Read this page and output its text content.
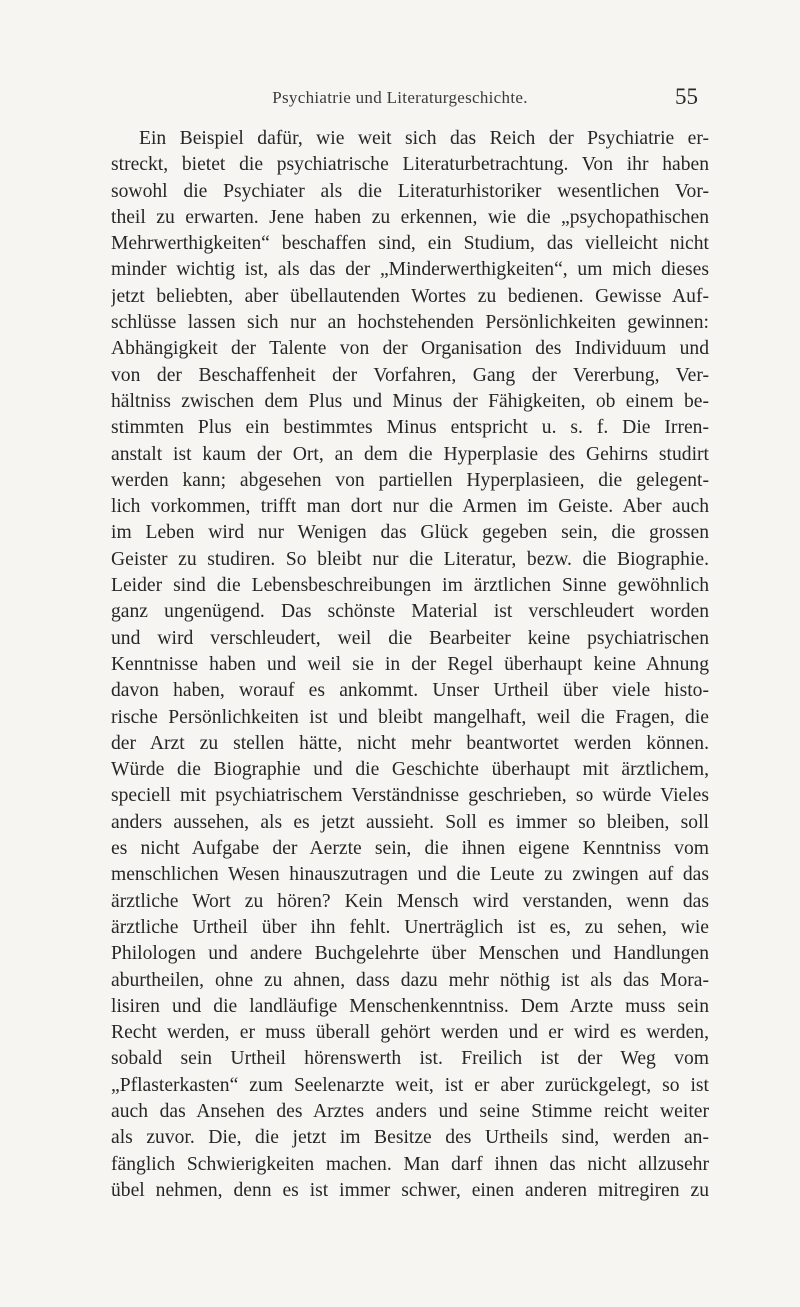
Psychiatrie und Literaturgeschichte.	55
Ein Beispiel dafür, wie weit sich das Reich der Psychiatrie er-
streckt, bietet die psychiatrische Literaturbetrachtung. Von ihr haben
sowohl die Psychiater als die Literaturhistoriker wesentlichen Vor-
theil zu erwarten. Jene haben zu erkennen, wie die „psychopathischen
Mehrwerthigkeiten“ beschaffen sind, ein Studium, das vielleicht nicht
minder wichtig ist, als das der „Minderwerthigkeiten“, um mich dieses
jetzt beliebten, aber übellautenden Wortes zu bedienen. Gewisse Auf-
schlüsse lassen sich nur an hochstehenden Persönlichkeiten gewinnen:
Abhängigkeit der Talente von der Organisation des Individuum und
von der Beschaffenheit der Vorfahren, Gang der Vererbung, Ver-
hältniss zwischen dem Plus und Minus der Fähigkeiten, ob einem be-
stimmten Plus ein bestimmtes Minus entspricht u. s. f. Die Irren-
anstalt ist kaum der Ort, an dem die Hyperplasie des Gehirns studirt
werden kann; abgesehen von partiellen Hyperplasieen, die gelegent-
lich vorkommen, trifft man dort nur die Armen im Geiste. Aber auch
im Leben wird nur Wenigen das Glück gegeben sein, die grossen
Geister zu studiren. So bleibt nur die Literatur, bezw. die Biographie.
Leider sind die Lebensbeschreibungen im ärztlichen Sinne gewöhnlich
ganz ungenügend. Das schönste Material ist verschleudert worden
und wird verschleudert, weil die Bearbeiter keine psychiatrischen
Kenntnisse haben und weil sie in der Regel überhaupt keine Ahnung
davon haben, worauf es ankommt. Unser Urtheil über viele histo-
rische Persönlichkeiten ist und bleibt mangelhaft, weil die Fragen, die
der Arzt zu stellen hätte, nicht mehr beantwortet werden können.
Würde die Biographie und die Geschichte überhaupt mit ärztlichem,
speciell mit psychiatrischem Verständnisse geschrieben, so würde Vieles
anders aussehen, als es jetzt aussieht. Soll es immer so bleiben, soll
es nicht Aufgabe der Aerzte sein, die ihnen eigene Kenntniss vom
menschlichen Wesen hinauszutragen und die Leute zu zwingen auf das
ärztliche Wort zu hören? Kein Mensch wird verstanden, wenn das
ärztliche Urtheil über ihn fehlt. Unerträglich ist es, zu sehen, wie
Philologen und andere Buchgelehrte über Menschen und Handlungen
aburtheilen, ohne zu ahnen, dass dazu mehr nöthig ist als das Mora-
lisiren und die landläufige Menschenkenntniss. Dem Arzte muss sein
Recht werden, er muss überall gehört werden und er wird es werden,
sobald sein Urtheil hörenswerth ist. Freilich ist der Weg vom
„Pflasterkasten“ zum Seelenarzte weit, ist er aber zurückgelegt, so ist
auch das Ansehen des Arztes anders und seine Stimme reicht weiter
als zuvor. Die, die jetzt im Besitze des Urtheils sind, werden an-
fänglich Schwierigkeiten machen. Man darf ihnen das nicht allzusehr
übel nehmen, denn es ist immer schwer, einen anderen mitregiren zu
